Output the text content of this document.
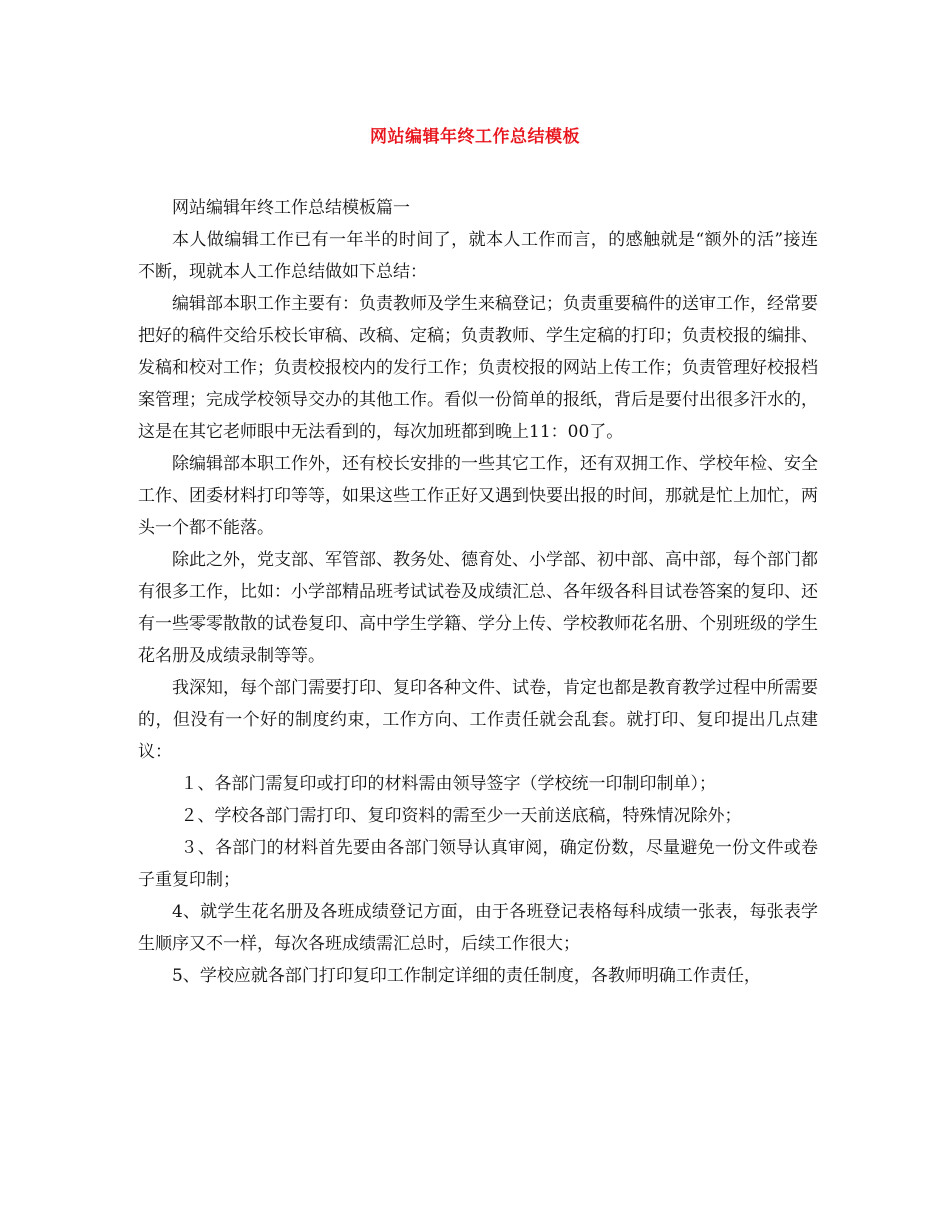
网站编辑年终工作总结模板

网站编辑年终工作总结模板篇一

本人做编辑工作已有一年半的时间了，就本人工作而言，的感触就是“额外的活”接连不断，现就本人工作总结做如下总结：

编辑部本职工作主要有：负责教师及学生来稿登记；负责重要稿件的送审工作，经常要把好的稿件交给乐校长审稿、改稿、定稿；负责教师、学生定稿的打印；负责校报的编排、发稿和校对工作；负责校报校内的发行工作；负责校报的网站上传工作；负责管理好校报档案管理；完成学校领导交办的其他工作。看似一份简单的报纸，背后是要付出很多汗水的，这是在其它老师眼中无法看到的，每次加班都到晚上11：00了。

除编辑部本职工作外，还有校长安排的一些其它工作，还有双拥工作、学校年检、安全工作、团委材料打印等等，如果这些工作正好又遇到快要出报的时间，那就是忙上加忙，两头一个都不能落。

除此之外，党支部、军管部、教务处、德育处、小学部、初中部、高中部，每个部门都有很多工作，比如：小学部精品班考试试卷及成绩汇总、各年级各科目试卷答案的复印、还有一些零零散散的试卷复印、高中学生学籍、学分上传、学校教师花名册、个别班级的学生花名册及成绩录制等等。

我深知，每个部门需要打印、复印各种文件、试卷，肯定也都是教育教学过程中所需要的，但没有一个好的制度约束，工作方向、工作责任就会乱套。就打印、复印提出几点建议：

１、各部门需复印或打印的材料需由领导签字（学校统一印制印制单）；

２、学校各部门需打印、复印资料的需至少一天前送底稿，特殊情况除外；

３、各部门的材料首先要由各部门领导认真审阅，确定份数，尽量避免一份文件或卷子重复印制；

4、就学生花名册及各班成绩登记方面，由于各班登记表格每科成绩一张表，每张表学生顺序又不一样，每次各班成绩需汇总时，后续工作很大；

5、学校应就各部门打印复印工作制定详细的责任制度，各教师明确工作责任，
